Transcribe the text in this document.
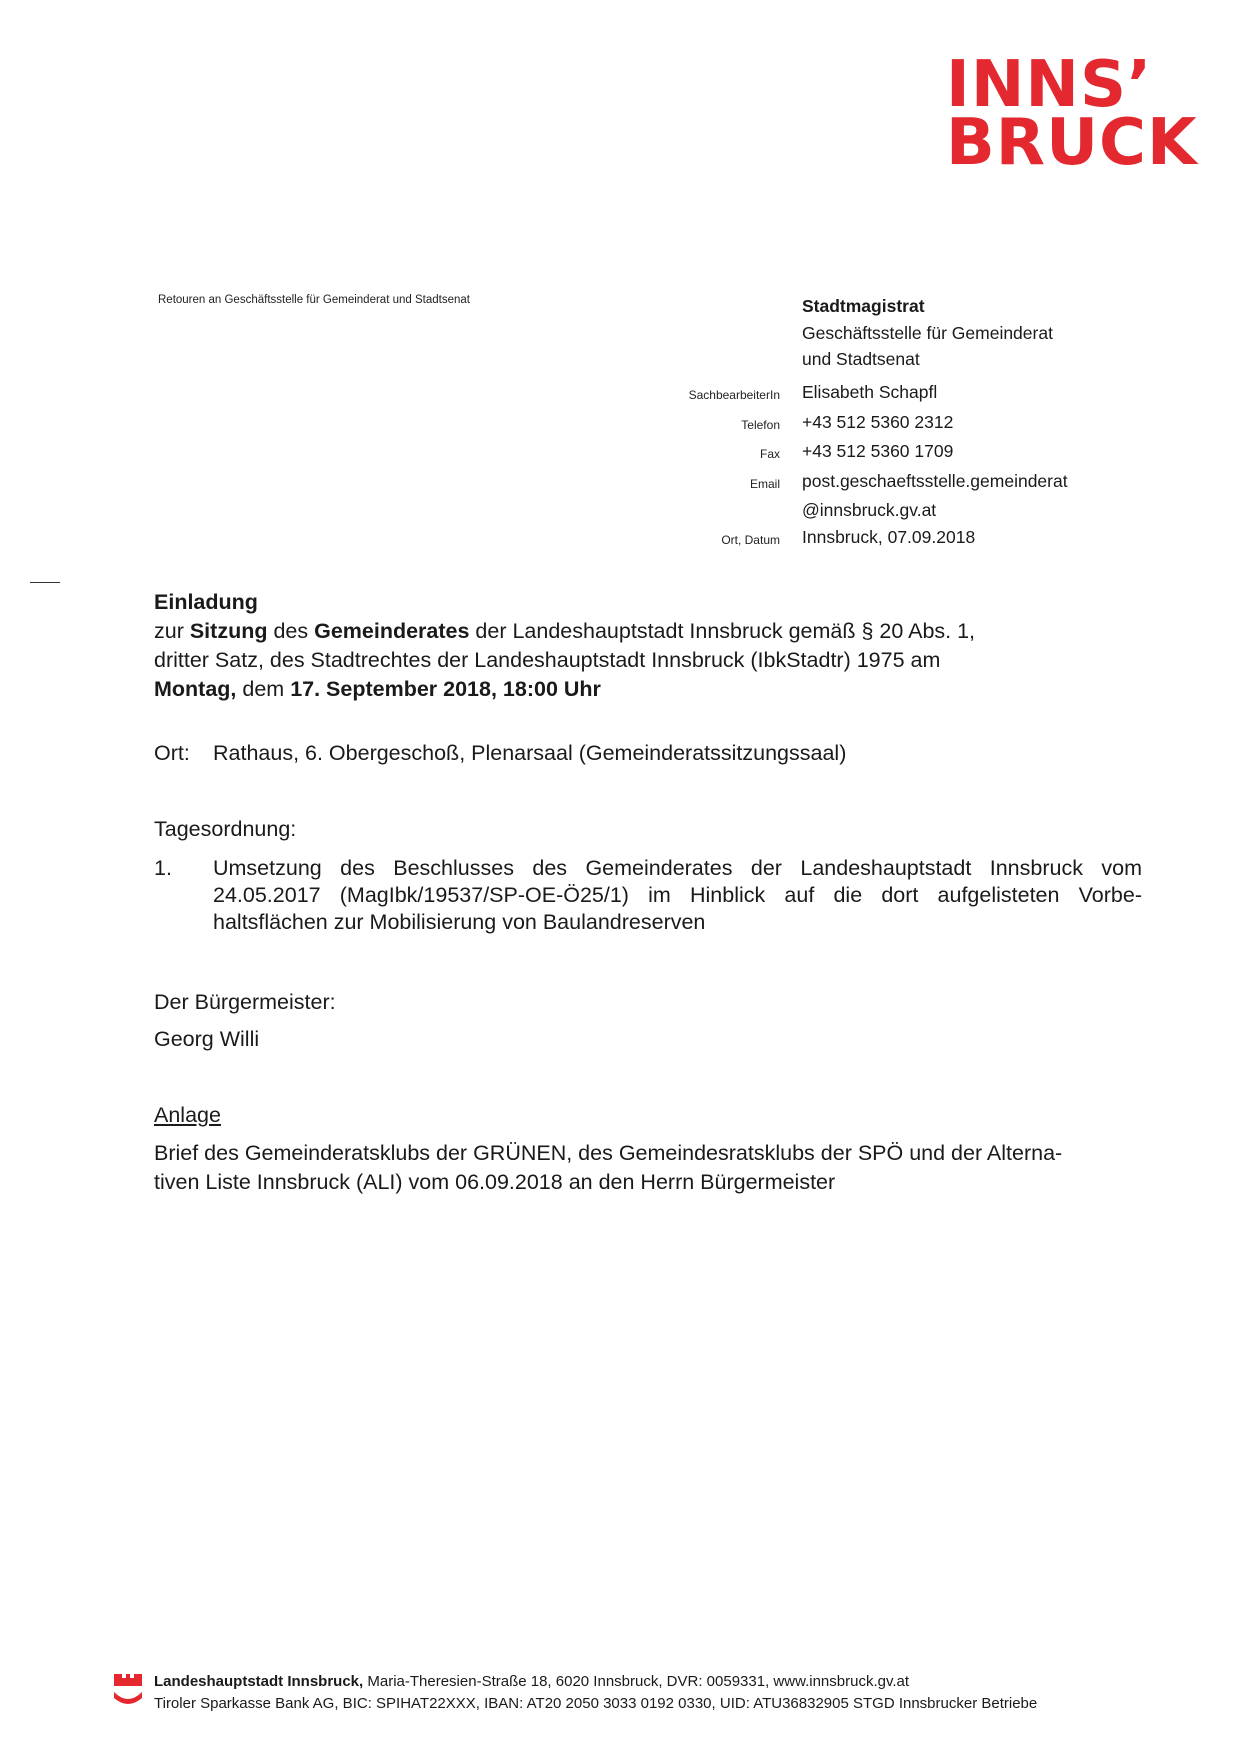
INNS’
BRUCK
Retouren an Geschäftsstelle für Gemeinderat und Stadtsenat	Stadtmagistrat
Geschäftsstelle für Gemeinderat
und Stadtsenat
SachbearbeiterIn	Elisabeth Schapfl
Telefon	+43 512 5360 2312
Fax	+43 512 5360 1709
Email	post.geschaeftsstelle.gemeinderat
@innsbruck.gv.at
Ort, Datum	Innsbruck, 07.09.2018
Einladung
zur Sitzung des Gemeinderates der Landeshauptstadt Innsbruck gemäß § 20 Abs. 1,
dritter Satz, des Stadtrechtes der Landeshauptstadt Innsbruck (IbkStadtr) 1975 am
Montag, dem 17. September 2018, 18:00 Uhr
Ort: Rathaus, 6. Obergeschoß, Plenarsaal (Gemeinderatssitzungssaal)
Tagesordnung:
1.	Umsetzung des Beschlusses des Gemeinderates der Landeshauptstadt Innsbruck vom 24.05.2017 (MagIbk/19537/SP-OE-Ö25/1) im Hinblick auf die dort aufgelisteten Vorbehaltsflächen zur Mobilisierung von Baulandreserven
Der Bürgermeister:
Georg Willi
Anlage
Brief des Gemeinderatsklubs der GRÜNEN, des Gemeindesratsklubs der SPÖ und der Alterna-
tiven Liste Innsbruck (ALI) vom 06.09.2018 an den Herrn Bürgermeister
Landeshauptstadt Innsbruck, Maria-Theresien-Straße 18, 6020 Innsbruck, DVR: 0059331, www.innsbruck.gv.at
Tiroler Sparkasse Bank AG, BIC: SPIHAT22XXX, IBAN: AT20 2050 3033 0192 0330, UID: ATU36832905 STGD Innsbrucker Betriebe
